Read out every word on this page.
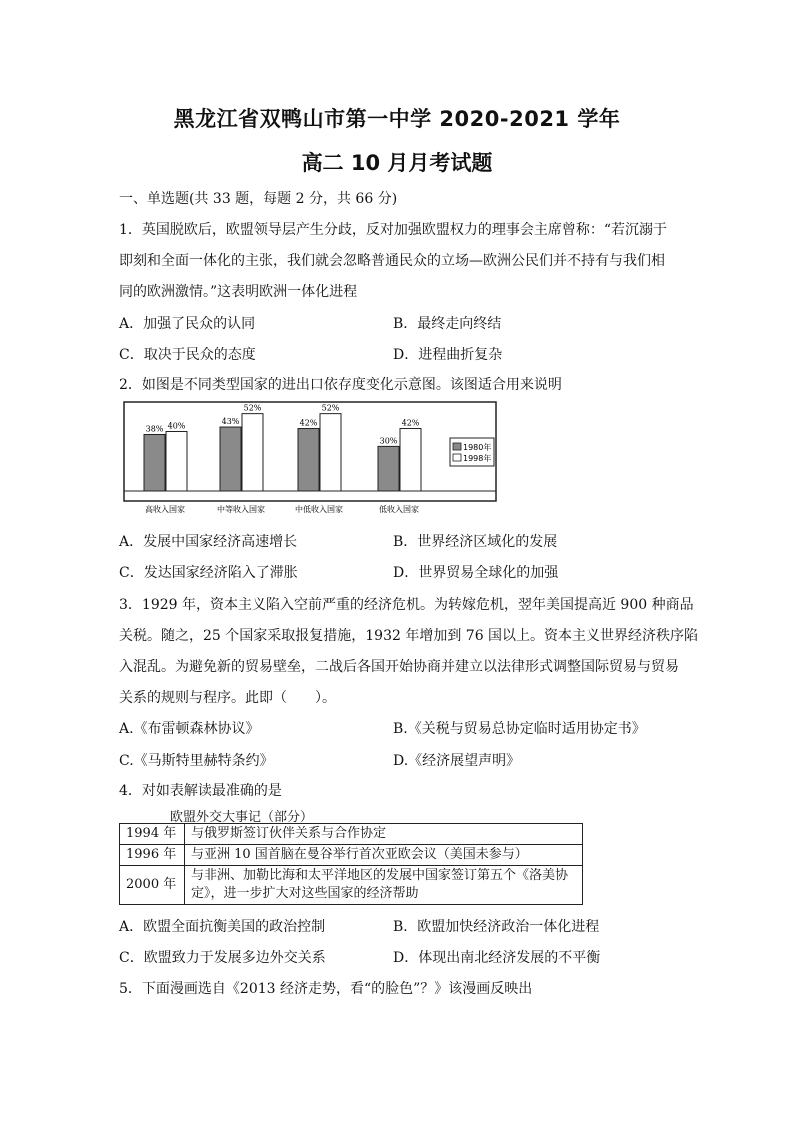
黑龙江省双鸭山市第一中学 2020-2021 学年
高二 10 月月考试题
一、单选题(共 33 题，每题 2 分，共 66 分)
1．英国脱欧后，欧盟领导层产生分歧，反对加强欧盟权力的理事会主席曾称：“若沉溺于
即刻和全面一体化的主张，我们就会忽略普通民众的立场—欧洲公民们并不持有与我们相
同的欧洲激情。”这表明欧洲一体化进程
A．加强了民众的认同	B．最终走向终结
C．取决于民众的态度	D．进程曲折复杂
2．如图是不同类型国家的进出口依存度变化示意图。该图适合用来说明
38% 40%	43%
52%
42%
52%
30%
42%
高收入国家	中等收入国家	中低收入国家	低收入国家
1980年
1998年
A．发展中国家经济高速增长	B．世界经济区域化的发展
C．发达国家经济陷入了滞胀	D．世界贸易全球化的加强
3．1929 年，资本主义陷入空前严重的经济危机。为转嫁危机，翌年美国提高近 900 种商品
关税。随之，25 个国家采取报复措施，1932 年增加到 76 国以上。资本主义世界经济秩序陷
入混乱。为避免新的贸易壁垒，二战后各国开始协商并建立以法律形式调整国际贸易与贸易
关系的规则与程序。此即（　　）。
A.《布雷顿森林协议》	B.《关税与贸易总协定临时适用协定书》
C.《马斯特里赫特条约》	D.《经济展望声明》
4．对如表解读最准确的是
欧盟外交大事记（部分）
1994 年	与俄罗斯签订伙伴关系与合作协定
1996 年	与亚洲 10 国首脑在曼谷举行首次亚欧会议（美国未参与）
2000 年	与非洲、加勒比海和太平洋地区的发展中国家签订第五个《洛美协定》，进一步扩大对这些国家的经济帮助
A．欧盟全面抗衡美国的政治控制	B．欧盟加快经济政治一体化进程
C．欧盟致力于发展多边外交关系	D．体现出南北经济发展的不平衡
5．下面漫画选自《2013 经济走势，看“的脸色”？》该漫画反映出
